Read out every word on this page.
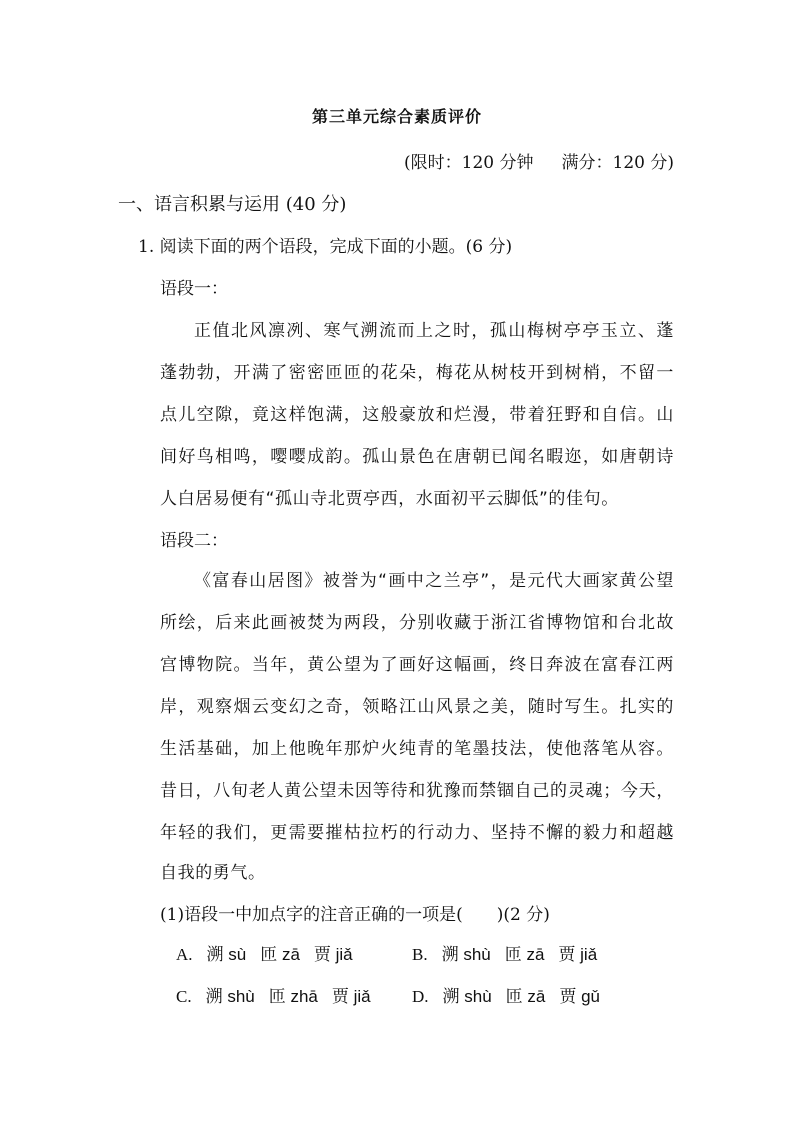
第三单元综合素质评价
(限时：120 分钟 满分：120 分)
一、语言积累与运用 (40 分)
1. 阅读下面的两个语段，完成下面的小题。(6 分)
语段一：
正值北风凛冽、寒气溯流而上之时，孤山梅树亭亭玉立、蓬
蓬勃勃，开满了密密匝匝的花朵，梅花从树枝开到树梢，不留一
点儿空隙，竟这样饱满，这般豪放和烂漫，带着狂野和自信。山
间好鸟相鸣，嘤嘤成韵。孤山景色在唐朝已闻名暇迩，如唐朝诗
人白居易便有“孤山寺北贾亭西，水面初平云脚低”的佳句。
语段二：
《富春山居图》被誉为“画中之兰亭”，是元代大画家黄公望
所绘，后来此画被焚为两段，分别收藏于浙江省博物馆和台北故
宫博物院。当年，黄公望为了画好这幅画，终日奔波在富春江两
岸，观察烟云变幻之奇，领略江山风景之美，随时写生。扎实的
生活基础，加上他晚年那炉火纯青的笔墨技法，使他落笔从容。
昔日，八旬老人黄公望未因等待和犹豫而禁锢自己的灵魂；今天，
年轻的我们，更需要摧枯拉朽的行动力、坚持不懈的毅力和超越
自我的勇气。
(1)语段一中加点字的注音正确的一项是(　　)(2 分)
A. 溯 sù 匝 zā 贾 jiǎ	B. 溯 shù 匝 zā 贾 jiǎ
C. 溯 shù 匝 zhā 贾 jiǎ D. 溯 shù 匝 zā 贾 gǔ
